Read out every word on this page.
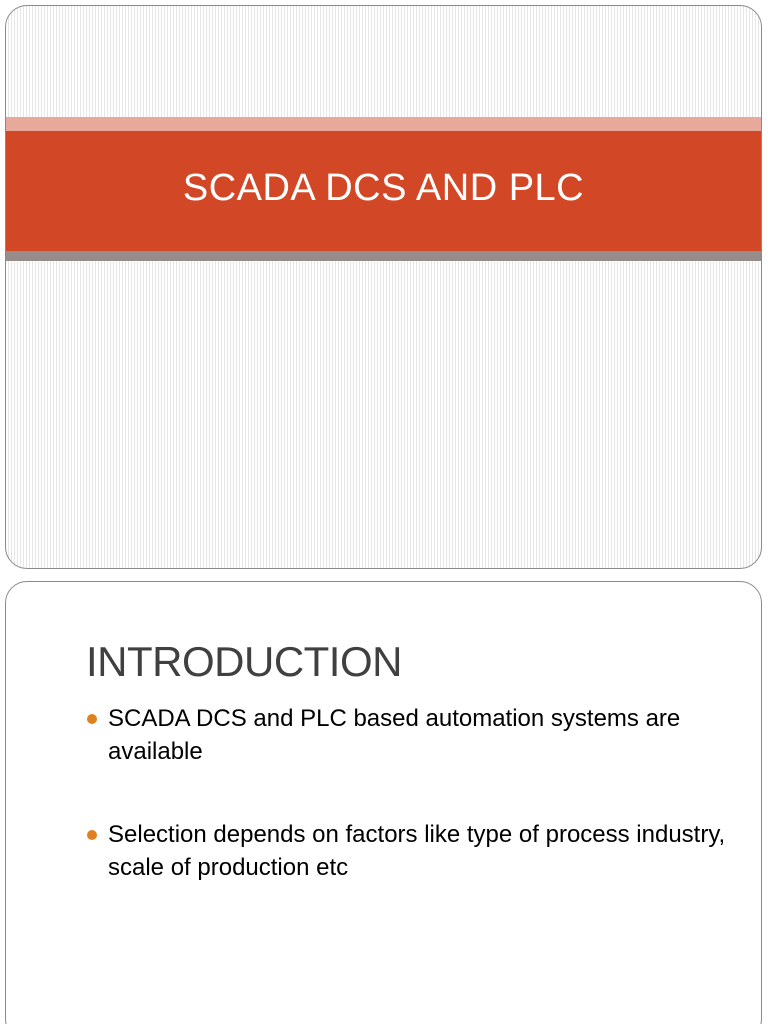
SCADA DCS AND PLC
INTRODUCTION
SCADA DCS and PLC based automation systems are available
Selection depends on factors like type of process industry, scale of production etc
